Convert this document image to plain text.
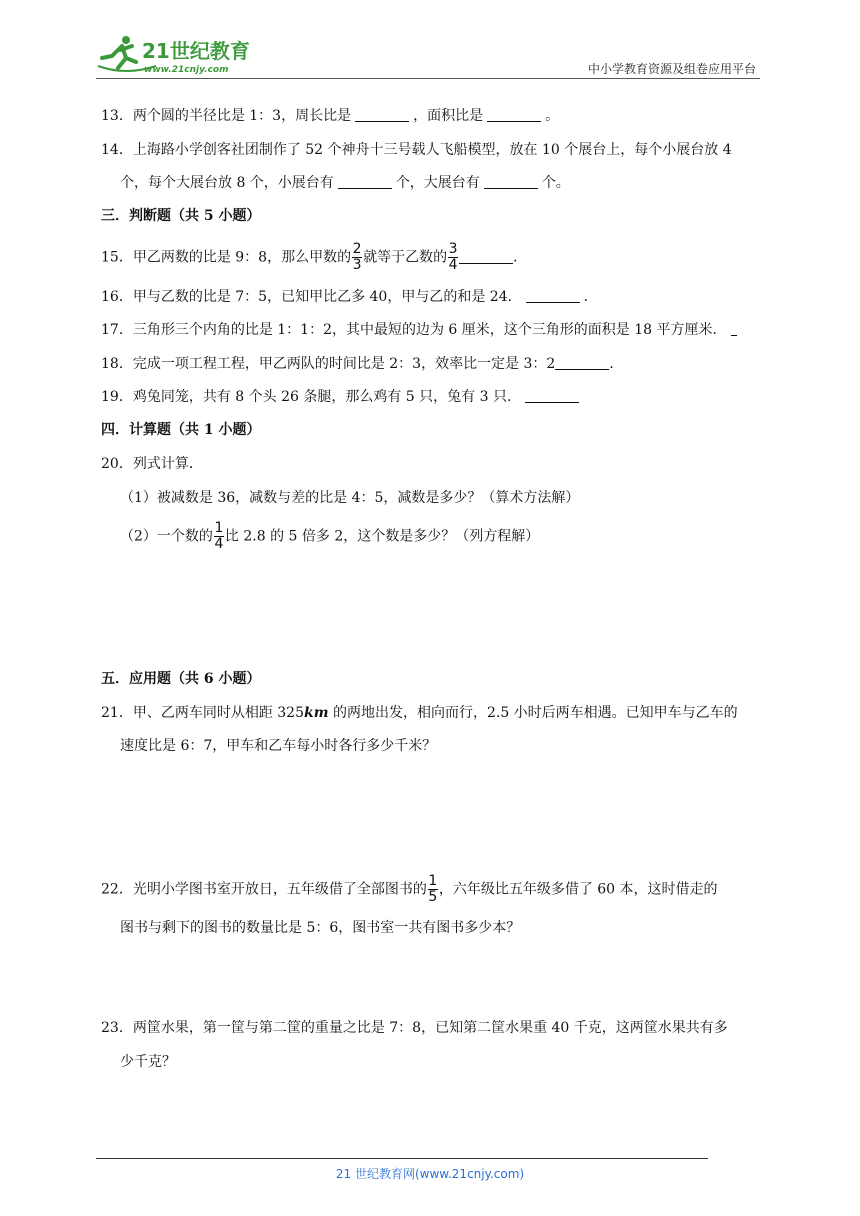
21世纪教育
www.21cnjy.com	中小学教育资源及组卷应用平台
13．两个圆的半径比是 1：3，周长比是	，面积比是	。
14．上海路小学创客社团制作了 52 个神舟十三号载人飞船模型，放在 10 个展台上，每个小展台放 4
个，每个大展台放 8 个，小展台有	个，大展台有	个。
三．判断题（共 5 小题）
15．甲乙两数的比是 9：8，那么甲数的 $\frac{2}{3}$ 就等于乙数的 $\frac{3}{4}$	．
16．甲与乙数的比是 7：5，已知甲比乙多 40，甲与乙的和是 24．	．
17．三角形三个内角的比是 1：1：2，其中最短的边为 6 厘米，这个三角形的面积是 18 平方厘米．
18．完成一项工程工程，甲乙两队的时间比是 2：3，效率比一定是 3：2	．
19．鸡兔同笼，共有 8 个头 26 条腿，那么鸡有 5 只，兔有 3 只．
四．计算题（共 1 小题）
20．列式计算．
（1）被减数是 36，减数与差的比是 4：5，减数是多少？（算术方法解）
（2）一个数的 $\frac{1}{4}$ 比 2.8 的 5 倍多 2，这个数是多少？（列方程解）
五．应用题（共 6 小题）
21．甲、乙两车同时从相距 325km 的两地出发，相向而行，2.5 小时后两车相遇。已知甲车与乙车的
速度比是 6：7，甲车和乙车每小时各行多少千米？
22．光明小学图书室开放日，五年级借了全部图书的 $\frac{1}{5}$ ，六年级比五年级多借了 60 本，这时借走的
图书与剩下的图书的数量比是 5：6，图书室一共有图书多少本？
23．两筐水果，第一筐与第二筐的重量之比是 7：8，已知第二筐水果重 40 千克，这两筐水果共有多
少千克？
21 世纪教育网(www.21cnjy.com)
